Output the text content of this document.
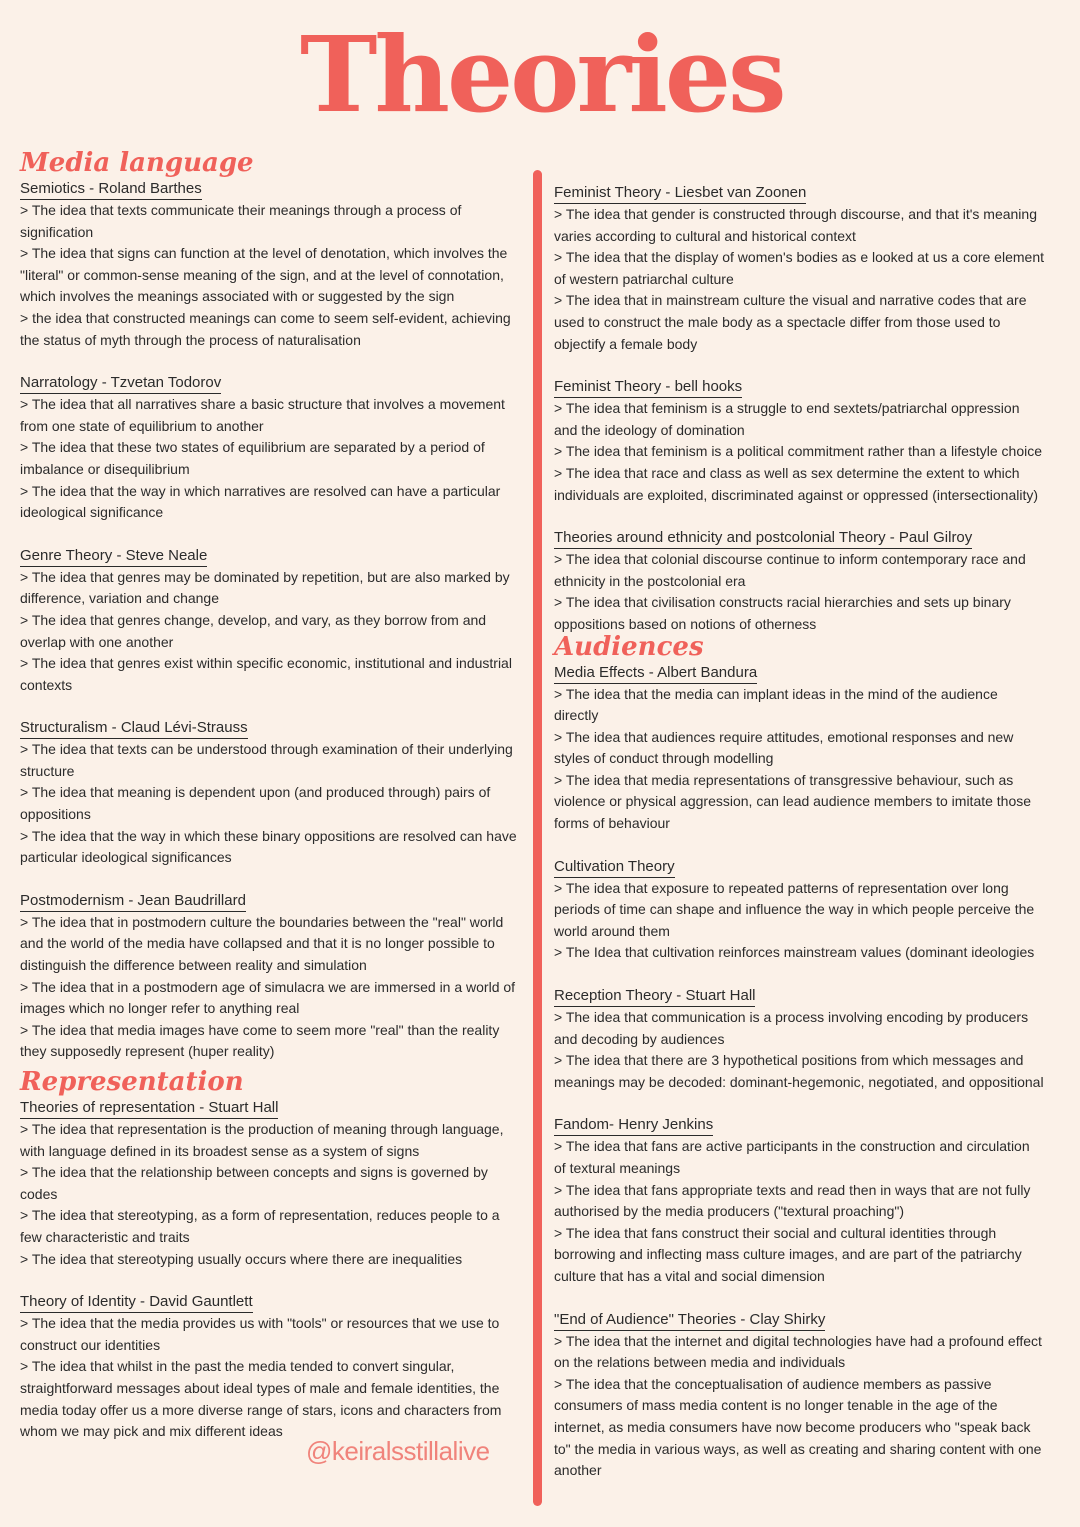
Theories
Media language

Semiotics - Roland Barthes

> The idea that texts communicate their meanings through a process of signification

> The idea that signs can function at the level of denotation, which involves the "literal" or common-sense meaning of the sign, and at the level of connotation, which involves the meanings associated with or suggested by the sign

> the idea that constructed meanings can come to seem self-evident, achieving the status of myth through the process of naturalisation

Narratology - Tzvetan Todorov

> The idea that all narratives share a basic structure that involves a movement from one state of equilibrium to another

> The idea that these two states of equilibrium are separated by a period of imbalance or disequilibrium

> The idea that the way in which narratives are resolved can have a particular ideological significance

Genre Theory - Steve Neale

> The idea that genres may be dominated by repetition, but are also marked by difference, variation and change

> The idea that genres change, develop, and vary, as they borrow from and overlap with one another

> The idea that genres exist within specific economic, institutional and industrial contexts

Structuralism - Claud Lévi-Strauss

> The idea that texts can be understood through examination of their underlying structure

> The idea that meaning is dependent upon (and produced through) pairs of oppositions

> The idea that the way in which these binary oppositions are resolved can have particular ideological significances

Postmodernism - Jean Baudrillard

> The idea that in postmodern culture the boundaries between the "real" world and the world of the media have collapsed and that it is no longer possible to distinguish the difference between reality and simulation

> The idea that in a postmodern age of simulacra we are immersed in a world of images which no longer refer to anything real

> The idea that media images have come to seem more "real" than the reality they supposedly represent (huper reality)

Representation

Theories of representation - Stuart Hall

> The idea that representation is the production of meaning through language, with language defined in its broadest sense as a system of signs

> The idea that the relationship between concepts and signs is governed by codes

> The idea that stereotyping, as a form of representation, reduces people to a few characteristic and traits

> The idea that stereotyping usually occurs where there are inequalities

Theory of Identity - David Gauntlett

> The idea that the media provides us with "tools" or resources that we use to construct our identities

> The idea that whilst in the past the media tended to convert singular, straightforward messages about ideal types of male and female identities, the media today offer us a more diverse range of stars, icons and characters from whom we may pick and mix different ideas

Feminist Theory - Liesbet van Zoonen

> The idea that gender is constructed through discourse, and that it's meaning varies according to cultural and historical context

> The idea that the display of women's bodies as e looked at us a core element of western patriarchal culture

> The idea that in mainstream culture the visual and narrative codes that are used to construct the male body as a spectacle differ from those used to objectify a female body

Feminist Theory - bell hooks

> The idea that feminism is a struggle to end sextets/patriarchal oppression and the ideology of domination

> The idea that feminism is a political commitment rather than a lifestyle choice

> The idea that race and class as well as sex determine the extent to which individuals are exploited, discriminated against or oppressed (intersectionality)

Theories around ethnicity and postcolonial Theory - Paul Gilroy

> The idea that colonial discourse continue to inform contemporary race and ethnicity in the postcolonial era

> The idea that civilisation constructs racial hierarchies and sets up binary oppositions based on notions of otherness

Audiences

Media Effects - Albert Bandura

> The idea that the media can implant ideas in the mind of the audience directly

> The idea that audiences require attitudes, emotional responses and new styles of conduct through modelling

> The idea that media representations of transgressive behaviour, such as violence or physical aggression, can lead audience members to imitate those forms of behaviour

Cultivation Theory

> The idea that exposure to repeated patterns of representation over long periods of time can shape and influence the way in which people perceive the world around them

> The Idea that cultivation reinforces mainstream values (dominant ideologies

Reception Theory - Stuart Hall

> The idea that communication is a process involving encoding by producers and decoding by audiences

> The idea that there are 3 hypothetical positions from which messages and meanings may be decoded: dominant-hegemonic, negotiated, and oppositional

Fandom- Henry Jenkins

> The idea that fans are active participants in the construction and circulation of textural meanings

> The idea that fans appropriate texts and read then in ways that are not fully authorised by the media producers ("textural proaching")

> The idea that fans construct their social and cultural identities through borrowing and inflecting mass culture images, and are part of the patriarchy culture that has a vital and social dimension

"End of Audience" Theories - Clay Shirky

> The idea that the internet and digital technologies have had a profound effect on the relations between media and individuals

> The idea that the conceptualisation of audience members as passive consumers of mass media content is no longer tenable in the age of the internet, as media consumers have now become producers who "speak back to" the media in various ways, as well as creating and sharing content with one another

@keiralsstillalive
